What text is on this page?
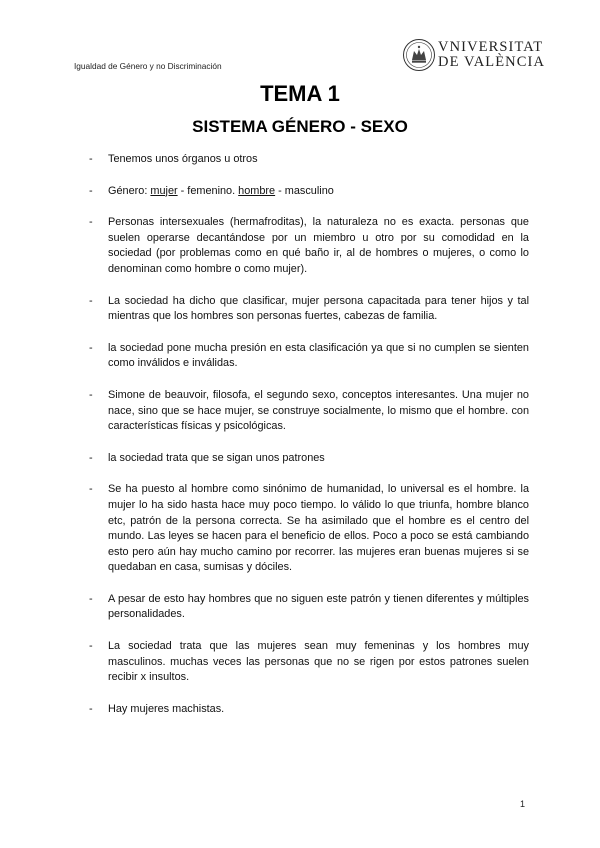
Igualdad de Género y no Discriminación
VNIVERSITAT
DE VALÈNCIA
TEMA 1
SISTEMA GÉNERO - SEXO
- Tenemos unos órganos u otros
- Género: mujer - femenino. hombre - masculino
- Personas intersexuales (hermafroditas), la naturaleza no es exacta. personas que suelen operarse decantándose por un miembro u otro por su comodidad en la sociedad (por problemas como en qué baño ir, al de hombres o mujeres, o como lo denominan como hombre o como mujer).
- La sociedad ha dicho que clasificar, mujer persona capacitada para tener hijos y tal mientras que los hombres son personas fuertes, cabezas de familia.
- la sociedad pone mucha presión en esta clasificación ya que si no cumplen se sienten como inválidos e inválidas.
- Simone de beauvoir, filosofa, el segundo sexo, conceptos interesantes. Una mujer no nace, sino que se hace mujer, se construye socialmente, lo mismo que el hombre. con características físicas y psicológicas.
- la sociedad trata que se sigan unos patrones
- Se ha puesto al hombre como sinónimo de humanidad, lo universal es el hombre. la mujer lo ha sido hasta hace muy poco tiempo. lo válido lo que triunfa, hombre blanco etc, patrón de la persona correcta. Se ha asimilado que el hombre es el centro del mundo. Las leyes se hacen para el beneficio de ellos. Poco a poco se está cambiando esto pero aún hay mucho camino por recorrer. las mujeres eran buenas mujeres si se quedaban en casa, sumisas y dóciles.
- A pesar de esto hay hombres que no siguen este patrón y tienen diferentes y múltiples personalidades.
- La sociedad trata que las mujeres sean muy femeninas y los hombres muy masculinos. muchas veces las personas que no se rigen por estos patrones suelen recibir x insultos.
- Hay mujeres machistas.
1
